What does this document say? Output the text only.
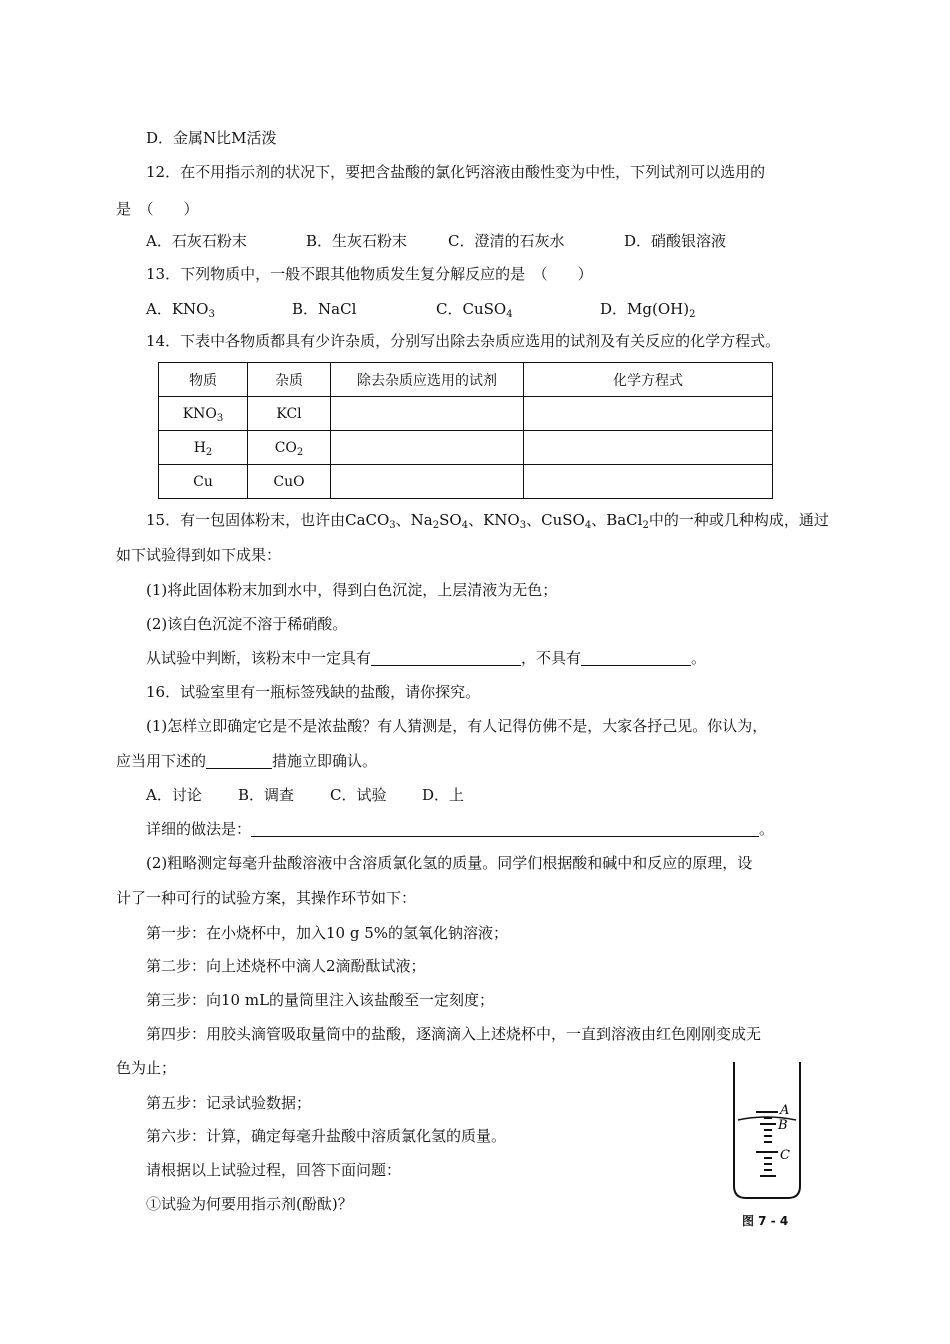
D．金属N比M活泼
12．在不用指示剂的状况下，要把含盐酸的氯化钙溶液由酸性变为中性，下列试剂可以选用的
是　（　　）
A．石灰石粉末	B．生灰石粉末	C．澄清的石灰水	D．硝酸银溶液
13．下列物质中，一般不跟其他物质发生复分解反应的是　（　　）
A．$KNO_3$	B．NaCl	C．CuSO$_4$	D．$Mg(OH)_2$
14．下表中各物质都具有少许杂质，分别写出除去杂质应选用的试剂及有关反应的化学方程式。
物质	杂质	除去杂质应选用的试剂	化学方程式
$KNO_3$	KCl		
$H_2$	$CO_2$		
Cu	CuO		
15．有一包固体粉末，也许由CaCO$_3$、$Na_2SO_4$、$KNO_3$、CuSO$_4$、BaCl$_2$中的一种或几种构成，通过
如下试验得到如下成果：
(1)将此固体粉末加到水中，得到白色沉淀，上层清液为无色；
(2)该白色沉淀不溶于稀硝酸。
从试验中判断，该粉末中一定具有	，不具有	。
16．试验室里有一瓶标签残缺的盐酸，请你探究。
(1)怎样立即确定它是不是浓盐酸？有人猜测是，有人记得仿佛不是，大家各抒己见。你认为，
应当用下述的	措施立即确认。
A．讨论 B．调查 C．试验 D．上
详细的做法是：	。
(2)粗略测定每毫升盐酸溶液中含溶质氯化氢的质量。同学们根据酸和碱中和反应的原理，设
计了一种可行的试验方案，其操作环节如下：
第一步：在小烧杯中，加入10 g 5%的氢氧化钠溶液；
第二步：向上述烧杯中滴人2滴酚酞试液；
第三步：向10 mL的量筒里注入该盐酸至一定刻度；
第四步：用胶头滴管吸取量筒中的盐酸，逐滴滴入上述烧杯中，一直到溶液由红色刚刚变成无
色为止；
第五步：记录试验数据；
第六步：计算，确定每毫升盐酸中溶质氯化氢的质量。
请根据以上试验过程，回答下面问题：
①试验为何要用指示剂(酚酞)？
A
B
C
图 7 - 4
